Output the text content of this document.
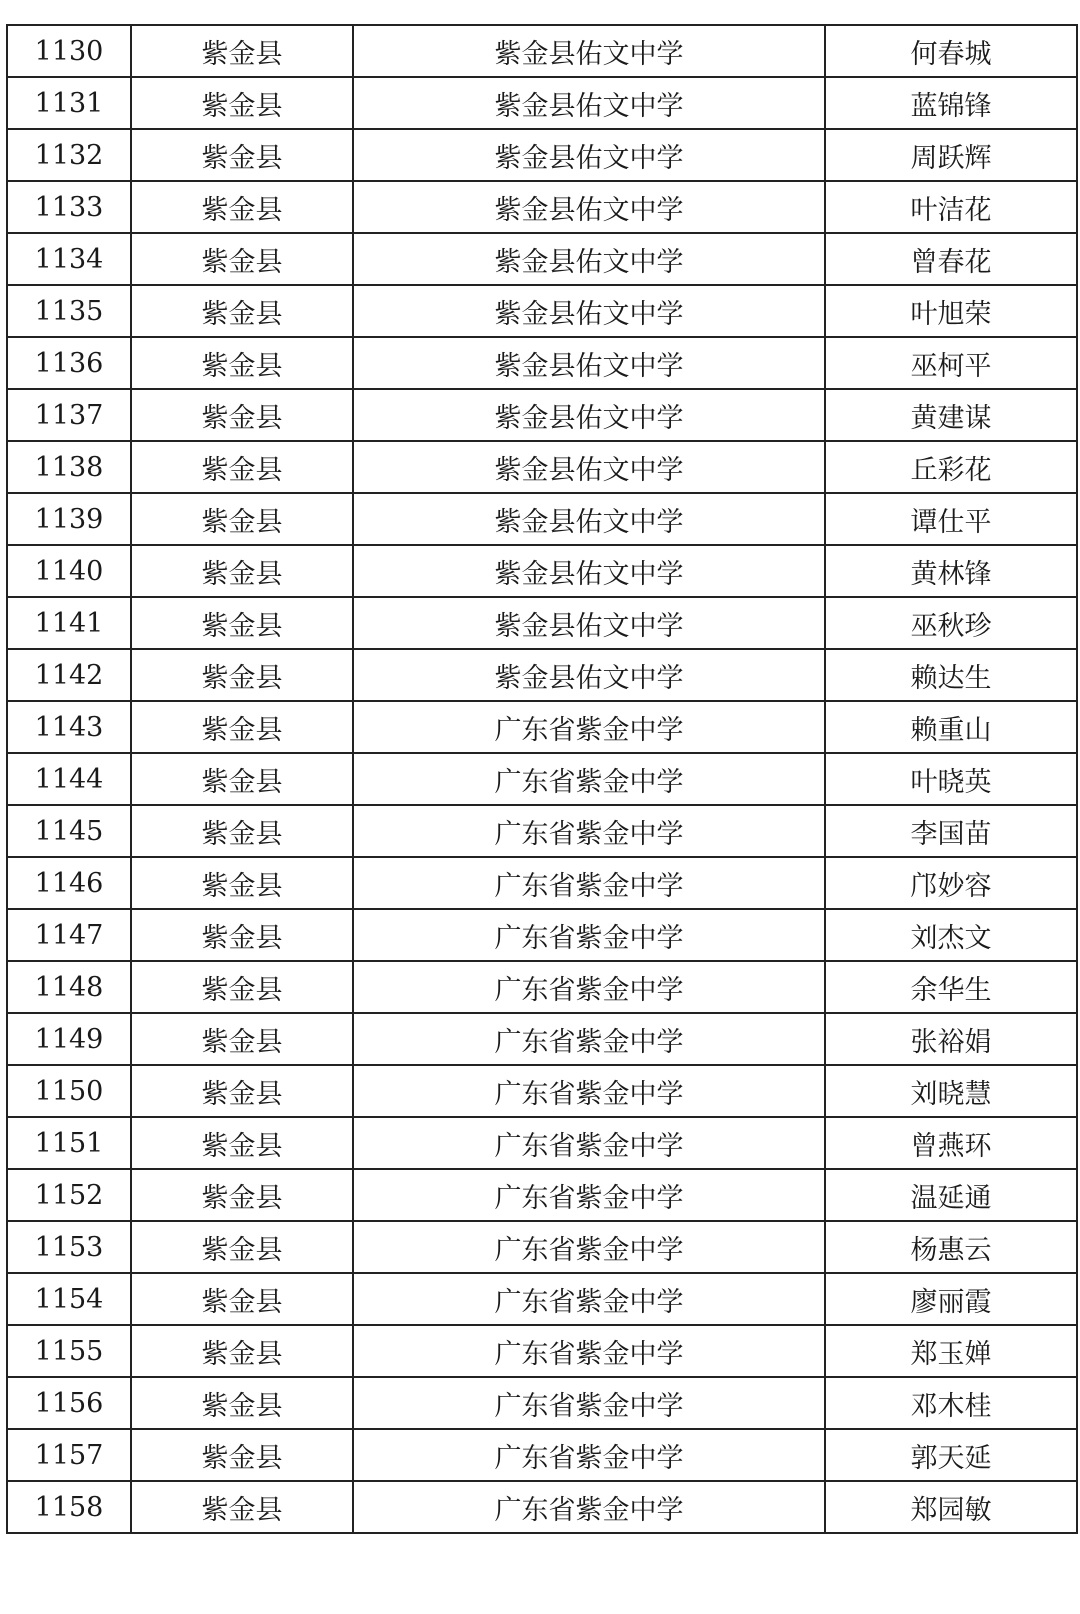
1130	紫金县	紫金县佑文中学	何春城
1131	紫金县	紫金县佑文中学	蓝锦锋
1132	紫金县	紫金县佑文中学	周跃辉
1133	紫金县	紫金县佑文中学	叶洁花
1134	紫金县	紫金县佑文中学	曾春花
1135	紫金县	紫金县佑文中学	叶旭荣
1136	紫金县	紫金县佑文中学	巫柯平
1137	紫金县	紫金县佑文中学	黄建谋
1138	紫金县	紫金县佑文中学	丘彩花
1139	紫金县	紫金县佑文中学	谭仕平
1140	紫金县	紫金县佑文中学	黄林锋
1141	紫金县	紫金县佑文中学	巫秋珍
1142	紫金县	紫金县佑文中学	赖达生
1143	紫金县	广东省紫金中学	赖重山
1144	紫金县	广东省紫金中学	叶晓英
1145	紫金县	广东省紫金中学	李国苗
1146	紫金县	广东省紫金中学	邝妙容
1147	紫金县	广东省紫金中学	刘杰文
1148	紫金县	广东省紫金中学	余华生
1149	紫金县	广东省紫金中学	张裕娟
1150	紫金县	广东省紫金中学	刘晓慧
1151	紫金县	广东省紫金中学	曾燕环
1152	紫金县	广东省紫金中学	温延通
1153	紫金县	广东省紫金中学	杨惠云
1154	紫金县	广东省紫金中学	廖丽霞
1155	紫金县	广东省紫金中学	郑玉婵
1156	紫金县	广东省紫金中学	邓木桂
1157	紫金县	广东省紫金中学	郭天延
1158	紫金县	广东省紫金中学	郑园敏
